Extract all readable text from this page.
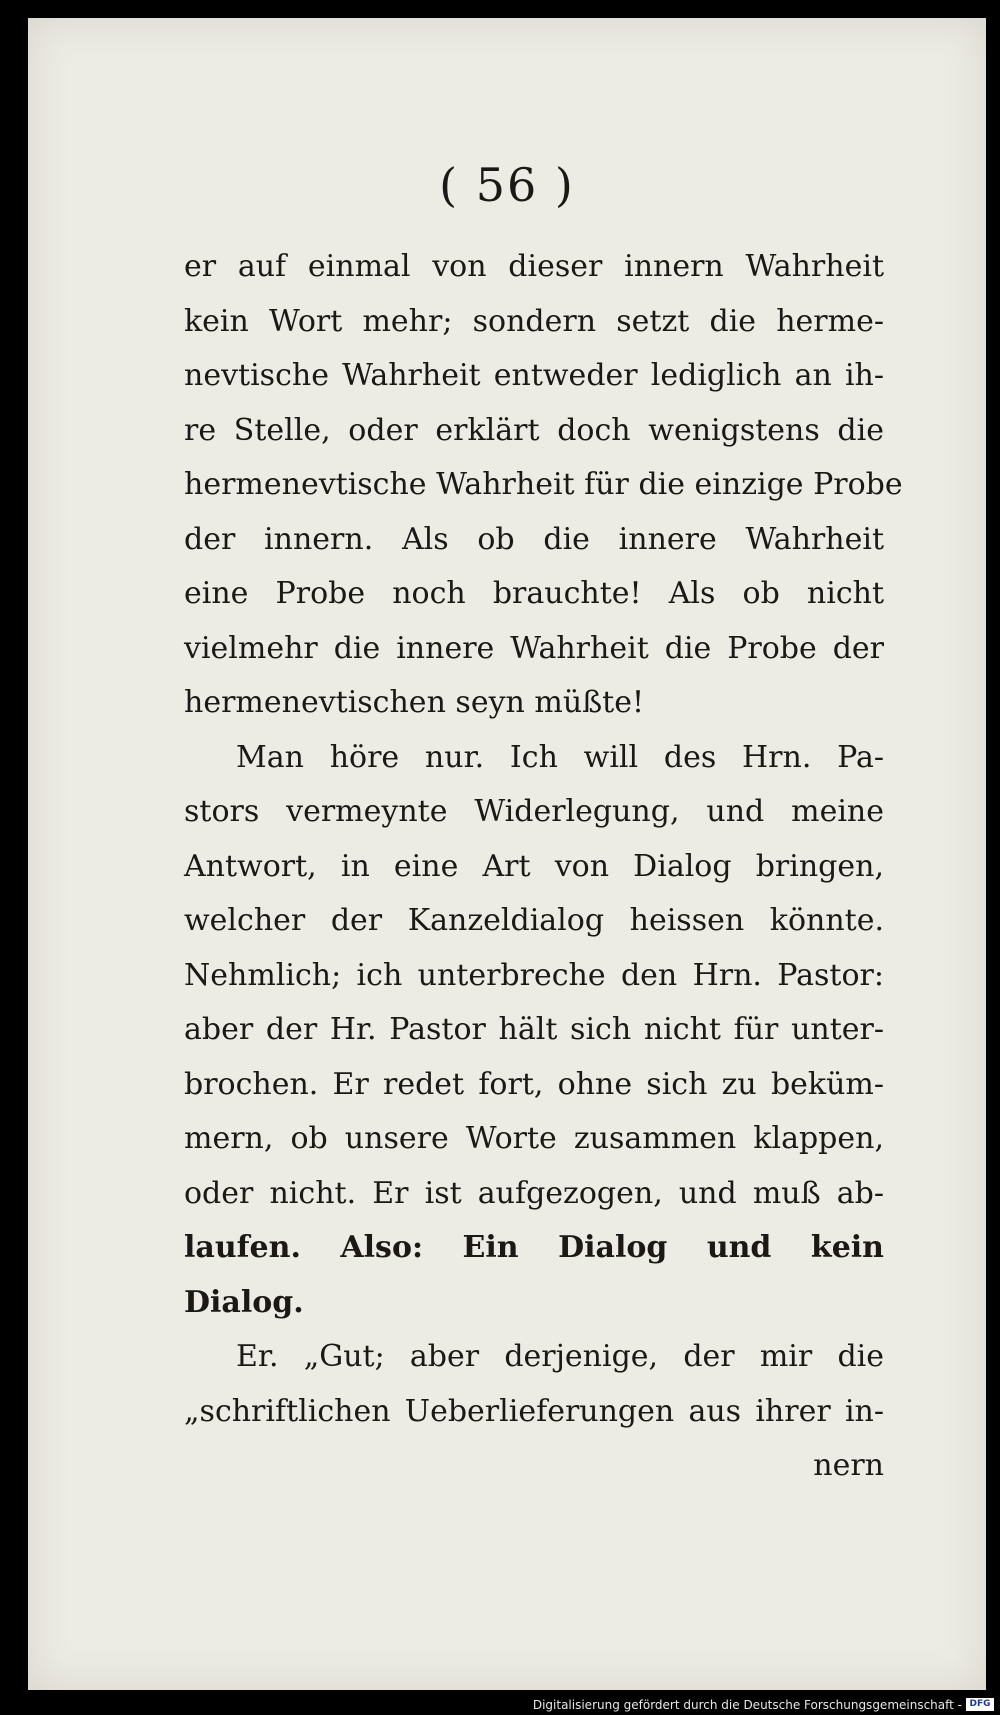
( 56 )
er auf einmal von dieser innern Wahrheit
kein Wort mehr; sondern setzt die herme-
nevtische Wahrheit entweder lediglich an ih-
re Stelle, oder erklärt doch wenigstens die
hermenevtische Wahrheit für die einzige Probe
der innern. Als ob die innere Wahrheit
eine Probe noch brauchte! Als ob nicht
vielmehr die innere Wahrheit die Probe der
hermenevtischen seyn müßte!
Man höre nur. Ich will des Hrn. Pa-
stors vermeynte Widerlegung, und meine
Antwort, in eine Art von Dialog bringen,
welcher der Kanzeldialog heissen könnte.
Nehmlich; ich unterbreche den Hrn. Pastor:
aber der Hr. Pastor hält sich nicht für unter-
brochen. Er redet fort, ohne sich zu beküm-
mern, ob unsere Worte zusammen klappen,
oder nicht. Er ist aufgezogen, und muß ab-
laufen. Also: Ein Dialog und kein
Dialog.
Er. „Gut; aber derjenige, der mir die
„schriftlichen Ueberlieferungen aus ihrer in-
nern
Digitalisierung gefördert durch die Deutsche Forschungsgemeinschaft - DFG
